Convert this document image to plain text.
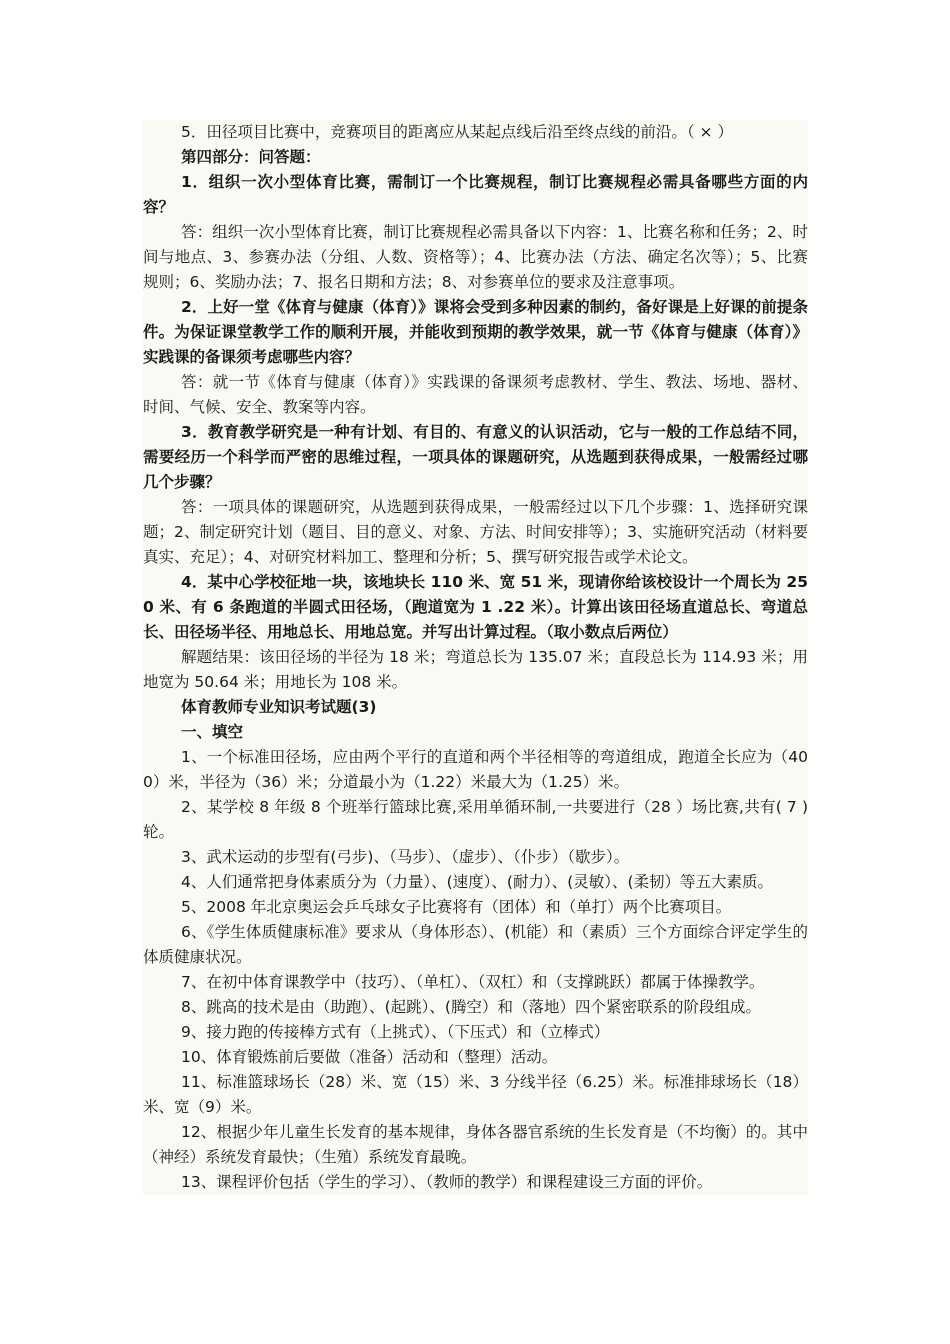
5．田径项目比赛中，竞赛项目的距离应从某起点线后沿至终点线的前沿。（ × ）

第四部分：问答题：

1．组织一次小型体育比赛，需制订一个比赛规程，制订比赛规程必需具备哪些方面的内容？

答：组织一次小型体育比赛，制订比赛规程必需具备以下内容：1、比赛名称和任务；2、时间与地点、3、参赛办法（分组、人数、资格等）；4、比赛办法（方法、确定名次等）；5、比赛规则；6、奖励办法；7、报名日期和方法；8、对参赛单位的要求及注意事项。

2．上好一堂《体育与健康（体育）》课将会受到多种因素的制约，备好课是上好课的前提条件。为保证课堂教学工作的顺利开展，并能收到预期的教学效果，就一节《体育与健康（体育）》实践课的备课须考虑哪些内容？

答：就一节《体育与健康（体育）》实践课的备课须考虑教材、学生、教法、场地、器材、时间、气候、安全、教案等内容。

3．教育教学研究是一种有计划、有目的、有意义的认识活动，它与一般的工作总结不同，需要经历一个科学而严密的思维过程，一项具体的课题研究，从选题到获得成果，一般需经过哪几个步骤？

答：一项具体的课题研究，从选题到获得成果，一般需经过以下几个步骤：1、选择研究课题；2、制定研究计划（题目、目的意义、对象、方法、时间安排等）；3、实施研究活动（材料要真实、充足）；4、对研究材料加工、整理和分析；5、撰写研究报告或学术论文。

4．某中心学校征地一块，该地块长 110 米、宽 51 米，现请你给该校设计一个周长为 250 米、有 6 条跑道的半圆式田径场，（跑道宽为 1 .22 米）。计算出该田径场直道总长、弯道总长、田径场半径、用地总长、用地总宽。并写出计算过程。（取小数点后两位）

解题结果：该田径场的半径为 18 米；弯道总长为 135.07 米；直段总长为 114.93 米；用地宽为 50.64 米；用地长为 108 米。

体育教师专业知识考试题(3)

一、填空

1、一个标准田径场，应由两个平行的直道和两个半径相等的弯道组成，跑道全长应为（400）米，半径为（36）米；分道最小为（1.22）米最大为（1.25）米。

2、某学校 8 年级 8 个班举行篮球比赛,采用单循环制,一共要进行（28 ）场比赛,共有( 7 )轮。

3、武术运动的步型有(弓步)、（马步）、（虚步）、（仆步）（歇步）。

4、人们通常把身体素质分为（力量）、(速度）、(耐力）、(灵敏）、(柔韧）等五大素质。

5、2008 年北京奥运会乒乓球女子比赛将有（团体）和（单打）两个比赛项目。

6、《学生体质健康标准》要求从（身体形态）、(机能）和（素质）三个方面综合评定学生的体质健康状况。

7、在初中体育课教学中（技巧）、（单杠）、（双杠）和（支撑跳跃）都属于体操教学。

8、跳高的技术是由（助跑）、(起跳）、(腾空）和（落地）四个紧密联系的阶段组成。

9、接力跑的传接棒方式有（上挑式）、（下压式）和（立棒式）

10、体育锻炼前后要做（准备）活动和（整理）活动。

11、标准篮球场长（28）米、宽（15）米、3 分线半径（6.25）米。标准排球场长（18）米、宽（9）米。

12、根据少年儿童生长发育的基本规律，身体各器官系统的生长发育是（不均衡）的。其中（神经）系统发育最快；（生殖）系统发育最晚。

13、课程评价包括（学生的学习）、（教师的教学）和课程建设三方面的评价。
